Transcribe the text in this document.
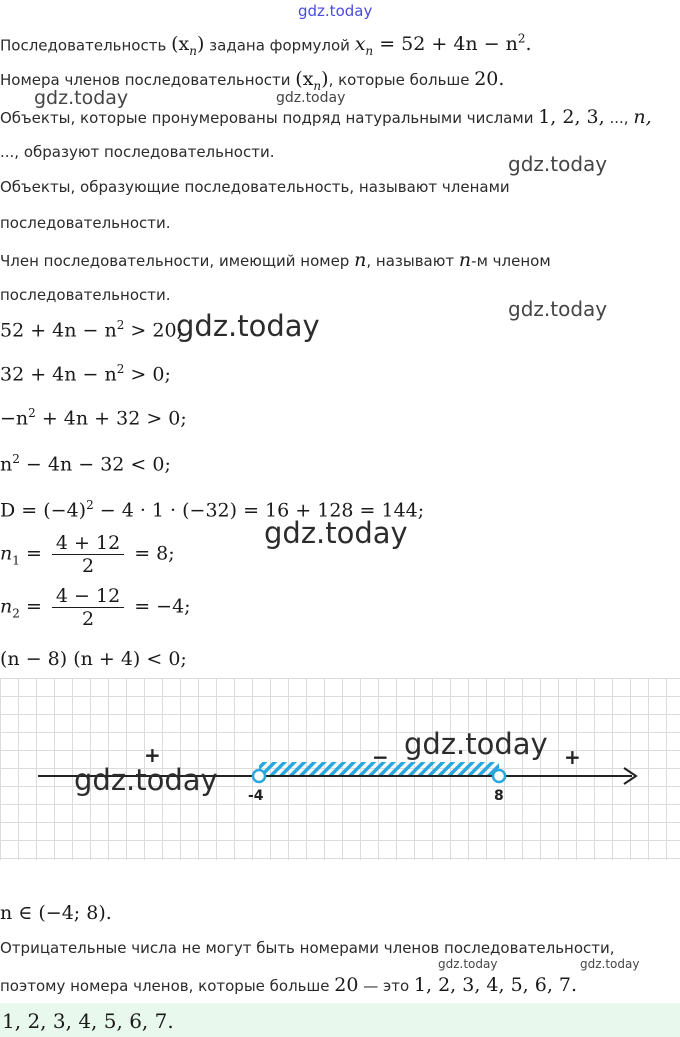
gdz.today
gdz.today	gdz.today
gdz.today
gdz.today
gdz.today
gdz.today
Последовательность $(x_n)$ задана формулой $x_n = 52 + 4n - n^2$.
Номера членов последовательности $(x_n)$, которые больше 20.
Объекты, которые пронумерованы подряд натуральными числами 1, 2, 3, ..., n,
..., образуют последовательности.
Объекты, образующие последовательность, называют членами
последовательности.
Член последовательности, имеющий номер n, называют n-м членом
последовательности.
$52 + 4n - n^2 > 20$;
$32 + 4n - n^2 > 0$;
$-n^2 + 4n + 32 > 0$;
$n^2 - 4n - 32 < 0$;
$D = (-4)^2 - 4 \cdot 1 \cdot (-32) = 16 + 128 = 144$;
$n_1 = \frac{4 + 12}{2} = 8$;
$n_2 = \frac{4 - 12}{2} = -4$;
(n − 8) (n + 4) < 0;
+	−	+
-4	8
gdz.today
gdz.today
n ∈ (−4; 8).
Отрицательные числа не могут быть номерами членов последовательности,
gdz.today	gdz.today
поэтому номера членов, которые больше 20 — это 1, 2, 3, 4, 5, 6, 7.
1, 2, 3, 4, 5, 6, 7.
